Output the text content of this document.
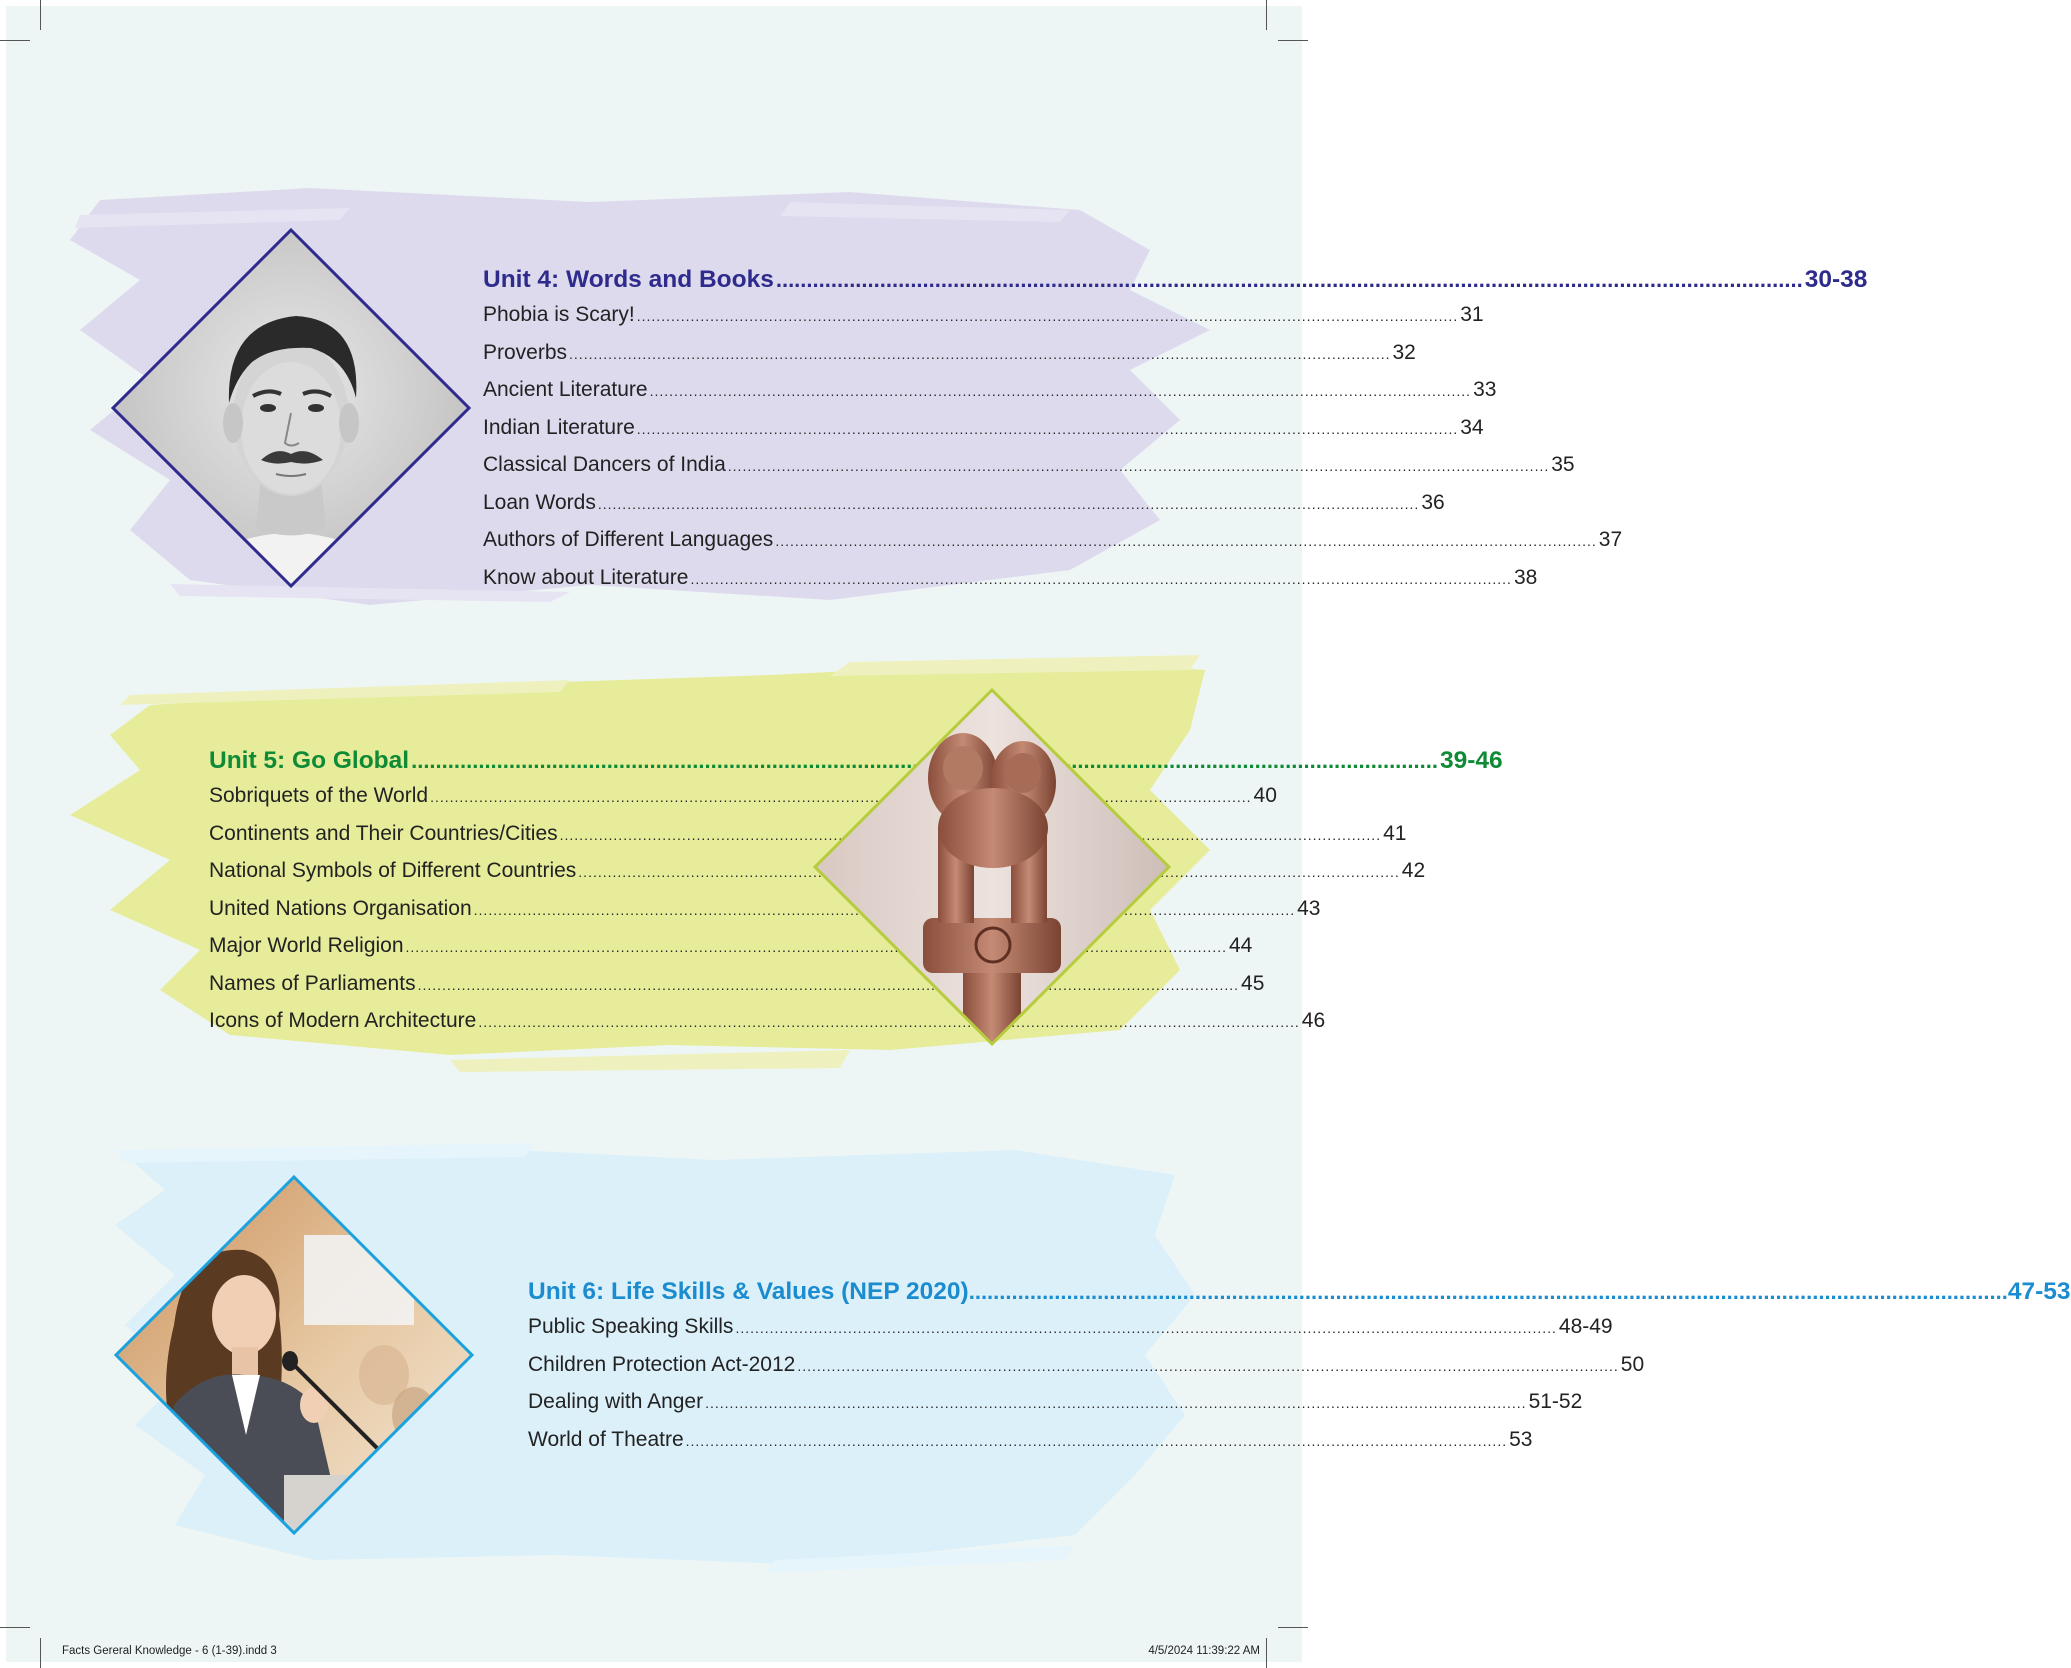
Unit 4: Words and Books .....	30-38
Phobia is Scary! .....	31
Proverbs .....	32
Ancient Literature .....	33
Indian Literature .....	34
Classical Dancers of India .....	35
Loan Words .....	36
Authors of Different Languages .....	37
Know about Literature .....	38
Unit 5: Go Global .....	39-46
Sobriquets of the World .....	40
Continents and Their Countries/Cities .....	41
National Symbols of Different Countries .....	42
United Nations Organisation .....	43
Major World Religion .....	44
Names of Parliaments .....	45
Icons of Modern Architecture .....	46
Unit 6: Life Skills & Values (NEP 2020)	..... .. 47-53
Public Speaking Skills .....	48-49
Children Protection Act-2012 .....	50
Dealing with Anger .....	51-52
World of Theatre .....	53
Facts Gereral Knowledge - 6 (1-39).indd 3	4/5/2024 11:39:22 AM
